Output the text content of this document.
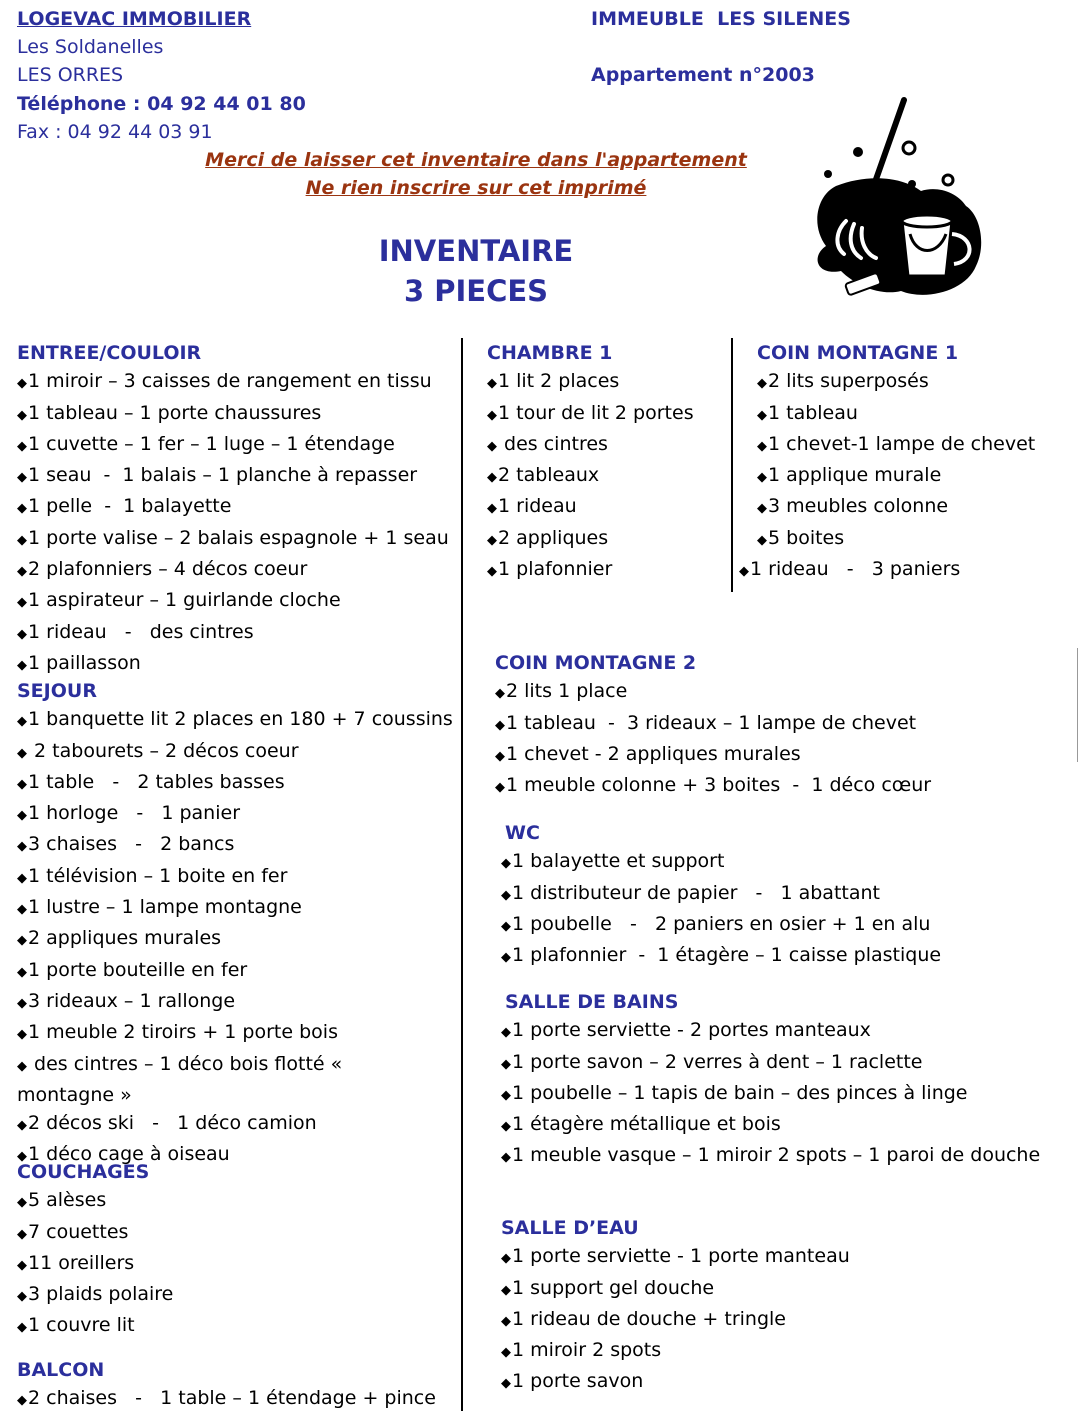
LOGEVAC IMMOBILIER
Les Soldanelles
LES ORRES
Téléphone : 04 92 44 01 80
Fax : 04 92 44 03 91
IMMEUBLE  LES SILENES
Appartement n°2003
Merci de laisser cet inventaire dans l'appartement
Ne rien inscrire sur cet imprimé
INVENTAIRE
3 PIECES
ENTREE/COULOIR
◆1 miroir – 3 caisses de rangement en tissu
◆1 tableau – 1 porte chaussures
◆1 cuvette – 1 fer – 1 luge – 1 étendage
◆1 seau  -  1 balais – 1 planche à repasser
◆1 pelle  -  1 balayette
◆1 porte valise – 2 balais espagnole + 1 seau
◆2 plafonniers – 4 décos coeur
◆1 aspirateur – 1 guirlande cloche
◆1 rideau   -   des cintres
◆1 paillasson
SEJOUR
◆1 banquette lit 2 places en 180 + 7 coussins
◆ 2 tabourets – 2 décos coeur
◆1 table   -   2 tables basses
◆1 horloge   -   1 panier
◆3 chaises   -   2 bancs
◆1 télévision – 1 boite en fer
◆1 lustre – 1 lampe montagne
◆2 appliques murales
◆1 porte bouteille en fer
◆3 rideaux – 1 rallonge
◆1 meuble 2 tiroirs + 1 porte bois
◆ des cintres – 1 déco bois flotté «
montagne »
◆2 décos ski   -   1 déco camion
◆1 déco cage à oiseau
COUCHAGES
◆5 alèses
◆7 couettes
◆11 oreillers
◆3 plaids polaire
◆1 couvre lit
BALCON
◆2 chaises   -   1 table – 1 étendage + pince
CHAMBRE 1
◆1 lit 2 places
◆1 tour de lit 2 portes
◆ des cintres
◆2 tableaux
◆1 rideau
◆2 appliques
◆1 plafonnier
COIN MONTAGNE 1
◆2 lits superposés
◆1 tableau
◆1 chevet-1 lampe de chevet
◆1 applique murale
◆3 meubles colonne
◆5 boites
◆1 rideau   -   3 paniers
COIN MONTAGNE 2
◆2 lits 1 place
◆1 tableau  -  3 rideaux – 1 lampe de chevet
◆1 chevet - 2 appliques murales
◆1 meuble colonne + 3 boites  -  1 déco cœur
WC
◆1 balayette et support
◆1 distributeur de papier   -   1 abattant
◆1 poubelle   -   2 paniers en osier + 1 en alu
◆1 plafonnier  -  1 étagère – 1 caisse plastique
SALLE DE BAINS
◆1 porte serviette - 2 portes manteaux
◆1 porte savon – 2 verres à dent – 1 raclette
◆1 poubelle – 1 tapis de bain – des pinces à linge
◆1 étagère métallique et bois
◆1 meuble vasque – 1 miroir 2 spots – 1 paroi de douche
SALLE D’EAU
◆1 porte serviette - 1 porte manteau
◆1 support gel douche
◆1 rideau de douche + tringle
◆1 miroir 2 spots
◆1 porte savon
